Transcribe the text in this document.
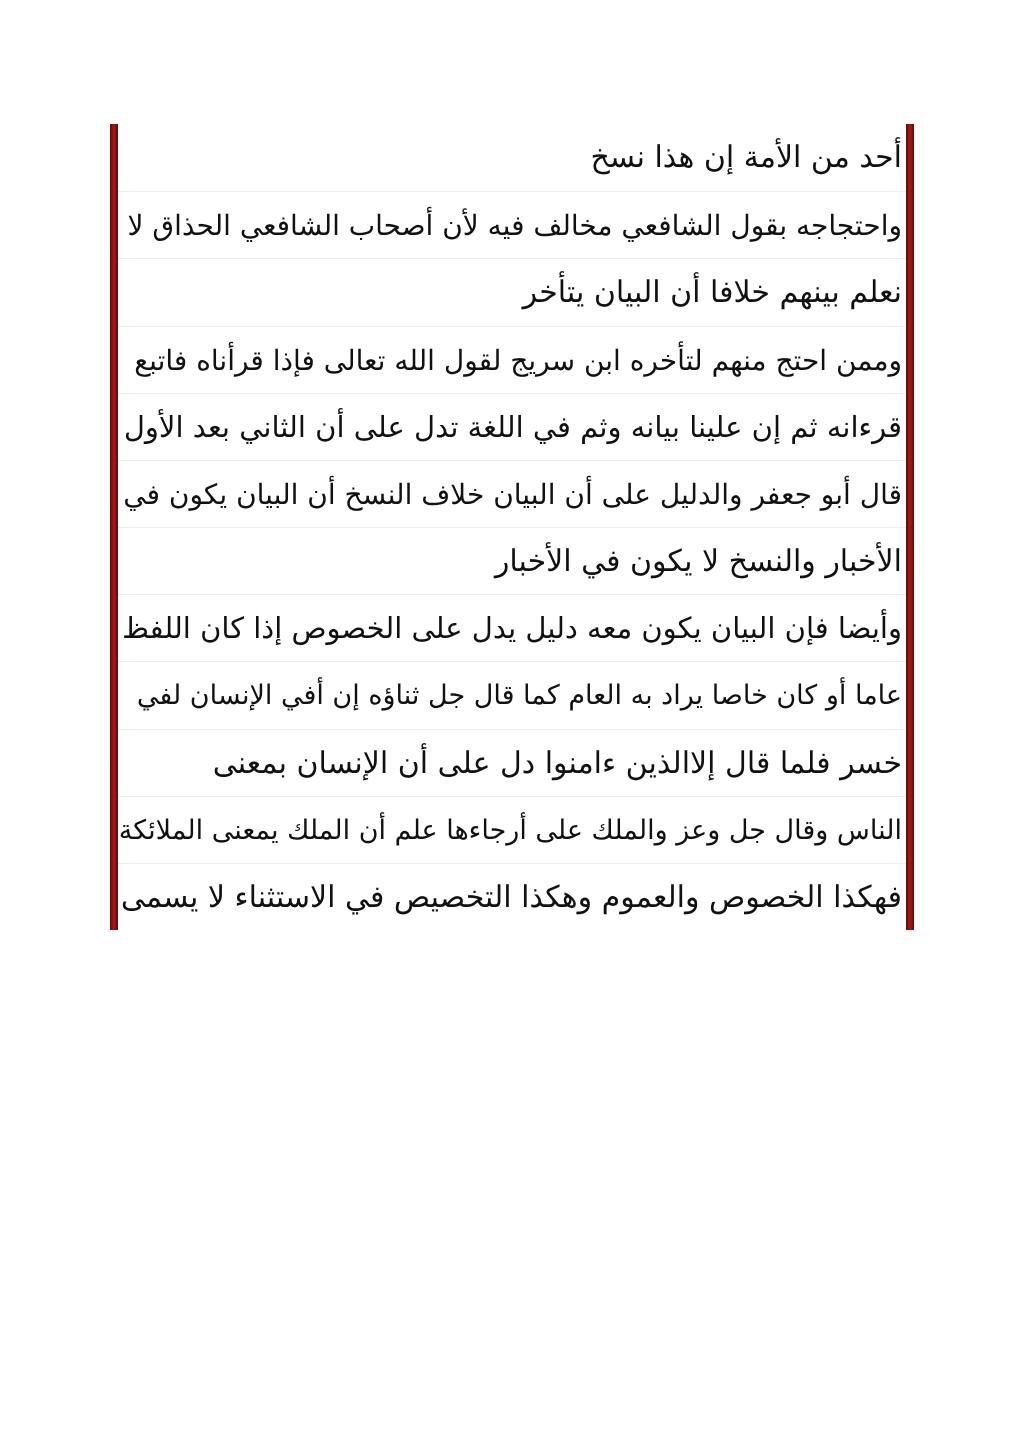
أحد من الأمة إن هذا نسخ
واحتجاجه بقول الشافعي مخالف فيه لأن أصحاب الشافعي الحذاق لا
نعلم بينهم خلافا أن البيان يتأخر
وممن احتج منهم لتأخره ابن سريج لقول الله تعالى فإذا قرأناه فاتبع
قرءانه ثم إن علينا بيانه وثم في اللغة تدل على أن الثاني بعد الأول
قال أبو جعفر والدليل على أن البيان خلاف النسخ أن البيان يكون في
الأخبار والنسخ لا يكون في الأخبار
وأيضا فإن البيان يكون معه دليل يدل على الخصوص إذا كان اللفظ
عاما أو كان خاصا يراد به العام كما قال جل ثناؤه إن أفي الإنسان لفي
خسر فلما قال إلاالذين ءامنوا دل على أن الإنسان بمعنى
الناس وقال جل وعز والملك على أرجاءها علم أن الملك يمعنى الملائكة
فهكذا الخصوص والعموم وهكذا التخصيص في الاستثناء لا يسمى
